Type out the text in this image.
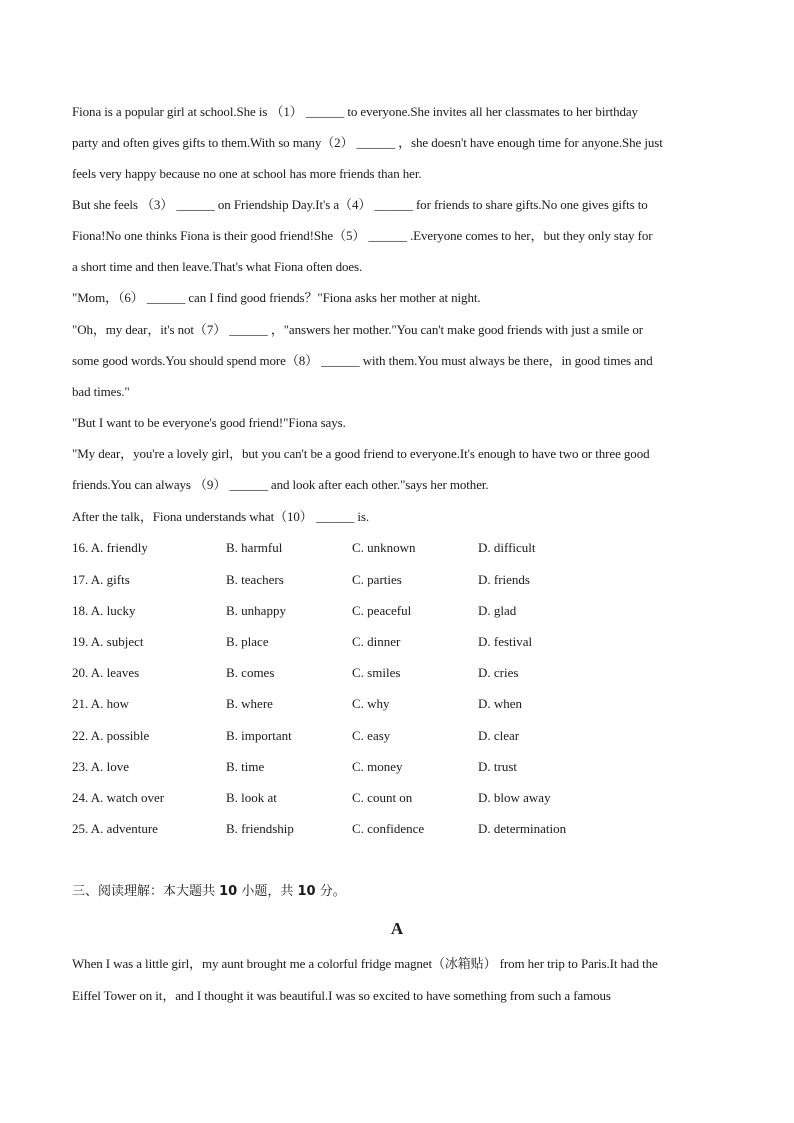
Fiona is a popular girl at school.She is （1） ______ to everyone.She invites all her classmates to her birthday
party and often gives gifts to them.With so many（2） ______ ，she doesn't have enough time for anyone.She just
feels very happy because no one at school has more friends than her.
But she feels （3） ______ on Friendship Day.It's a（4） ______ for friends to share gifts.No one gives gifts to
Fiona!No one thinks Fiona is their good friend!She（5） ______ .Everyone comes to her，but they only stay for
a short time and then leave.That's what Fiona often does.
"Mom，（6） ______ can I find good friends？"Fiona asks her mother at night.
"Oh，my dear，it's not（7） ______ ，"answers her mother."You can't make good friends with just a smile or
some good words.You should spend more（8） ______ with them.You must always be there，in good times and
bad times."
"But I want to be everyone's good friend!"Fiona says.
"My dear，you're a lovely girl，but you can't be a good friend to everyone.It's enough to have two or three good
friends.You can always （9） ______ and look after each other."says her mother.
After the talk，Fiona understands what（10） ______ is.
16. A. friendly	B. harmful	C. unknown	D. difficult
17. A. gifts	B. teachers	C. parties	D. friends
18. A. lucky	B. unhappy	C. peaceful	D. glad
19. A. subject	B. place	C. dinner	D. festival
20. A. leaves	B. comes	C. smiles	D. cries
21. A. how	B. where	C. why	D. when
22. A. possible	B. important	C. easy	D. clear
23. A. love	B. time	C. money	D. trust
24. A. watch over	B. look at	C. count on	D. blow away
25. A. adventure	B. friendship	C. confidence	D. determination
三、阅读理解：本大题共 10 小题，共 10 分。
A
When I was a little girl，my aunt brought me a colorful fridge magnet（冰箱贴） from her trip to Paris.It had the
Eiffel Tower on it，and I thought it was beautiful.I was so excited to have something from such a famous
